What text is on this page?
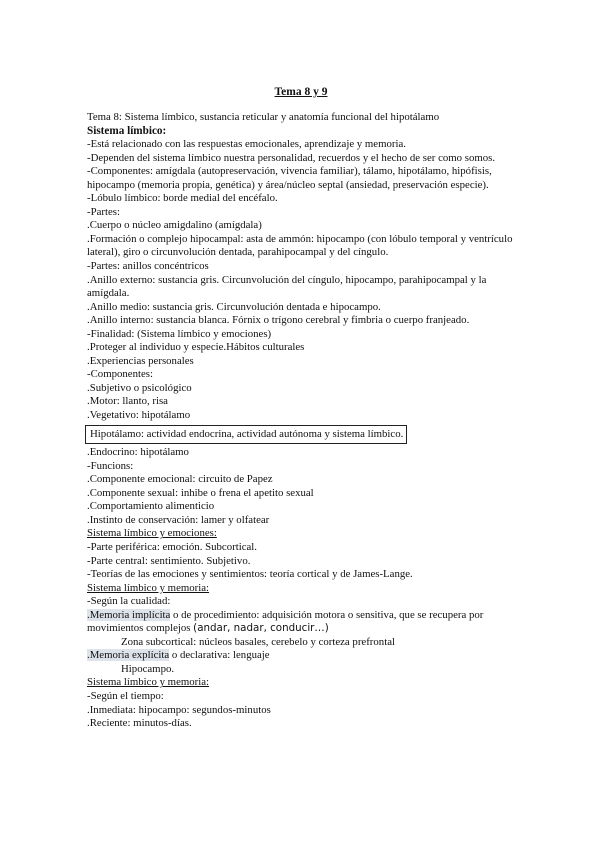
Tema 8 y 9
Tema 8: Sistema límbico, sustancia reticular y anatomía funcional del hipotálamo
Sistema límbico:
-Está relacionado con las respuestas emocionales, aprendizaje y memoria.
-Dependen del sistema límbico nuestra personalidad, recuerdos y el hecho de ser como somos.
-Componentes: amígdala (autopreservación, vivencia familiar), tálamo, hipotálamo, hipófisis, hipocampo (memoria propia, genética) y área/núcleo septal (ansiedad, preservación especie).
-Lóbulo límbico: borde medial del encéfalo.
-Partes:
.Cuerpo o núcleo amigdalino (amígdala)
.Formación o complejo hipocampal: asta de ammón: hipocampo (con lóbulo temporal y ventrículo lateral), giro o circunvolución dentada, parahipocampal y del cíngulo.
-Partes: anillos concéntricos
.Anillo externo: sustancia gris. Circunvolución del cíngulo, hipocampo, parahipocampal y la amígdala.
.Anillo medio: sustancia gris. Circunvolución dentada e hipocampo.
.Anillo interno: sustancia blanca. Fórnix o trígono cerebral y fimbria o cuerpo franjeado.
-Finalidad: (Sistema límbico y emociones)
.Proteger al individuo y especie.Hábitos culturales
.Experiencias personales
-Componentes:
.Subjetivo o psicológico
.Motor: llanto, risa
.Vegetativo: hipotálamo
Hipotálamo: actividad endocrina, actividad autónoma y sistema límbico.
.Endocrino: hipotálamo
-Funcions:
.Componente emocional: circuito de Papez
.Componente sexual: inhibe o frena el apetito sexual
.Comportamiento alimenticio
.Instinto de conservación: lamer y olfatear
Sistema límbico y emociones:
-Parte periférica: emoción. Subcortical.
-Parte central: sentimiento. Subjetivo.
-Teorías de las emociones y sentimientos: teoría cortical y de James-Lange.
Sistema límbico y memoria:
-Según la cualidad:
.Memoria implícita o de procedimiento: adquisición motora o sensitiva, que se recupera por movimientos complejos (andar, nadar, conducir…)
Zona subcortical: núcleos basales, cerebelo y corteza prefrontal
.Memoria explícita o declarativa: lenguaje
Hipocampo.
Sistema límbico y memoria:
-Según el tiempo:
.Inmediata: hipocampo: segundos-minutos
.Reciente: minutos-días.
